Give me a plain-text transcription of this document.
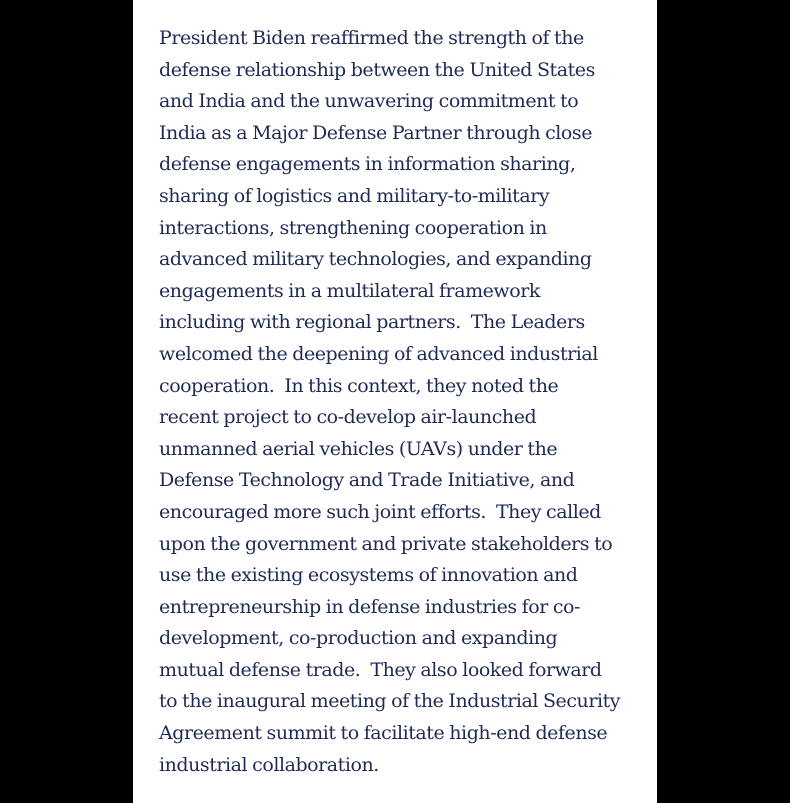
President Biden reaffirmed the strength of the
defense relationship between the United States
and India and the unwavering commitment to
India as a Major Defense Partner through close
defense engagements in information sharing,
sharing of logistics and military-to-military
interactions, strengthening cooperation in
advanced military technologies, and expanding
engagements in a multilateral framework
including with regional partners.  The Leaders
welcomed the deepening of advanced industrial
cooperation.  In this context, they noted the
recent project to co-develop air-launched
unmanned aerial vehicles (UAVs) under the
Defense Technology and Trade Initiative, and
encouraged more such joint efforts.  They called
upon the government and private stakeholders to
use the existing ecosystems of innovation and
entrepreneurship in defense industries for co-
development, co-production and expanding
mutual defense trade.  They also looked forward
to the inaugural meeting of the Industrial Security
Agreement summit to facilitate high-end defense
industrial collaboration.
